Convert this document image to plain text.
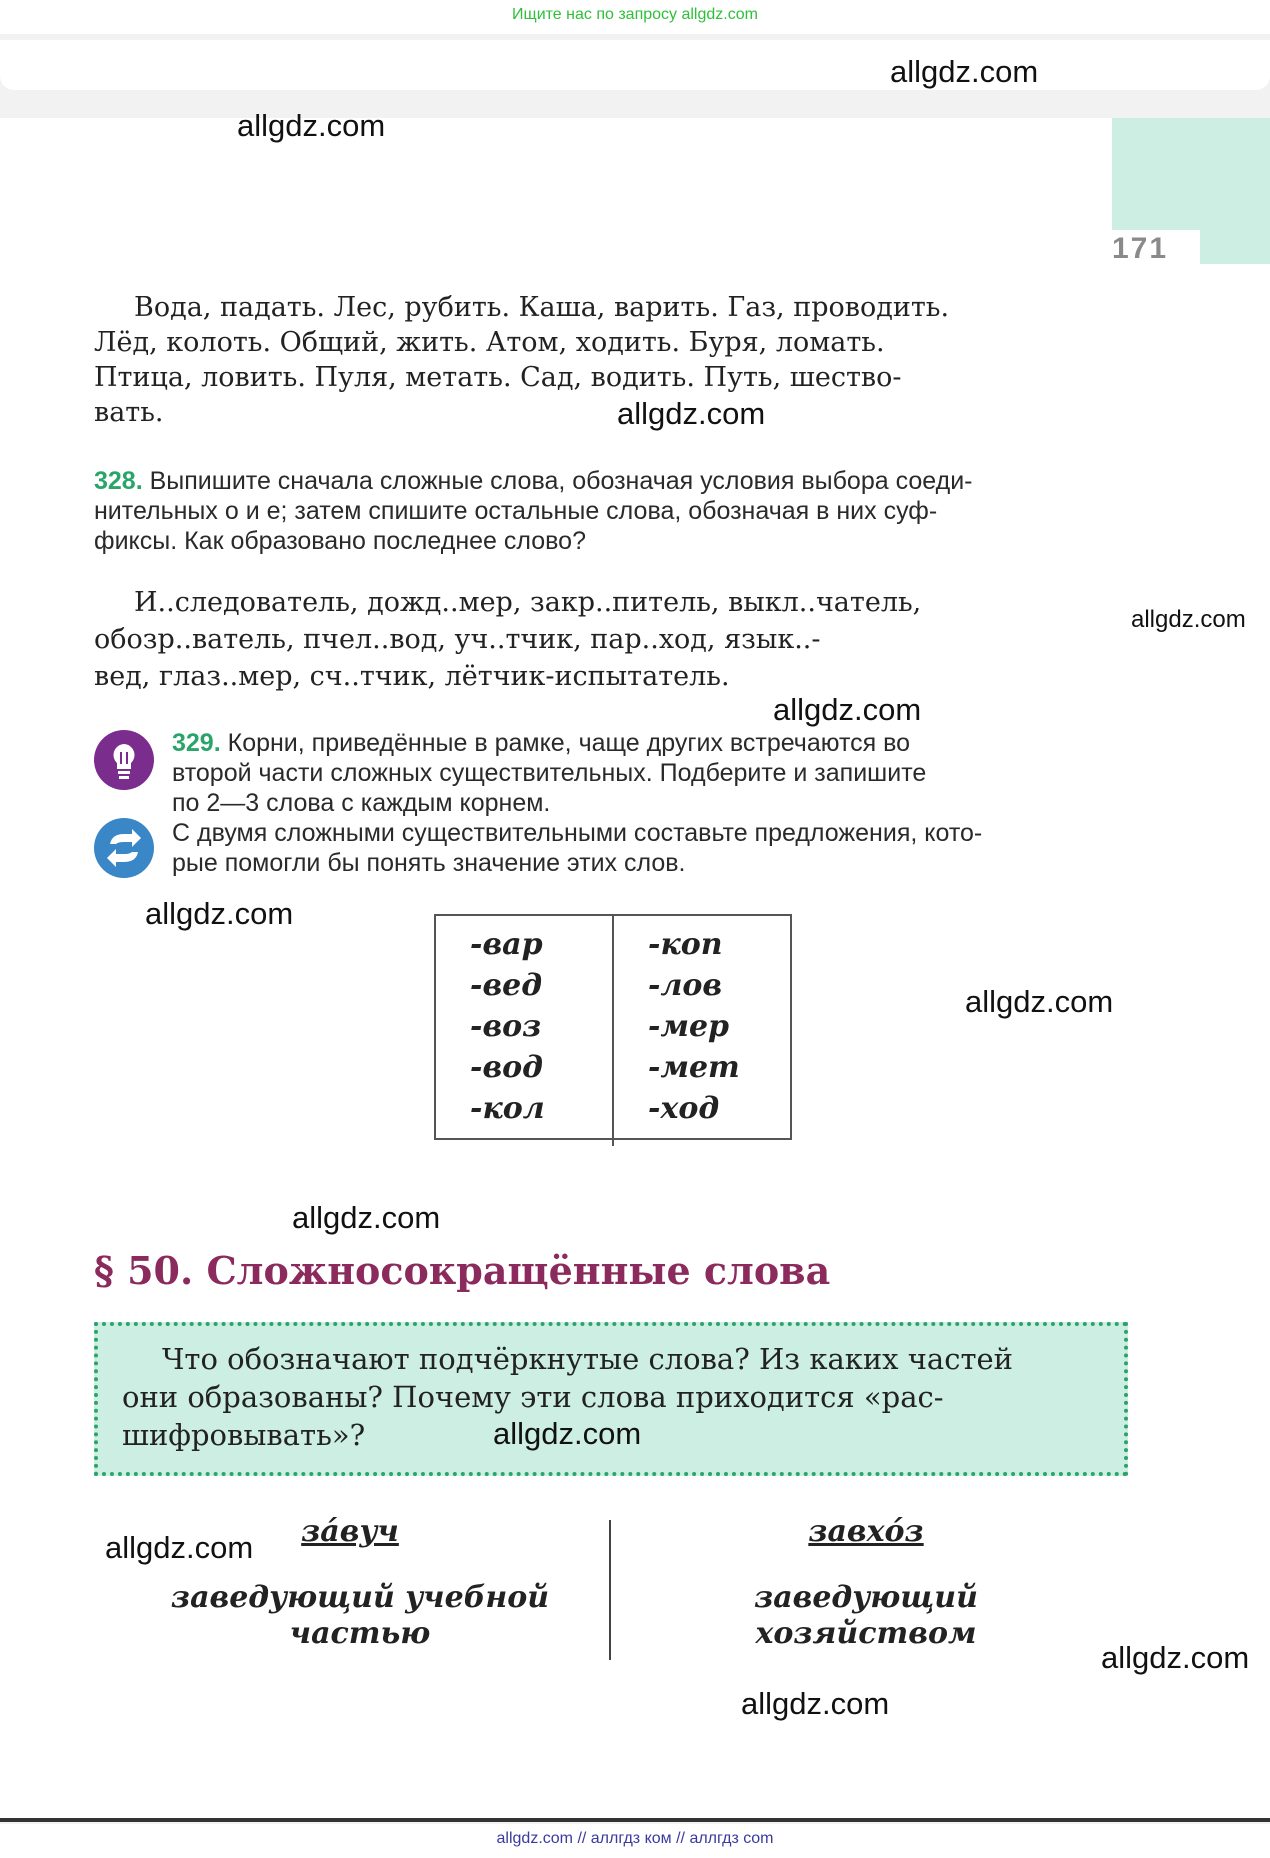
Ищите нас по запросу allgdz.com
171
allgdz.com
allgdz.com
allgdz.com
allgdz.com
allgdz.com
allgdz.com
allgdz.com
allgdz.com
allgdz.com
allgdz.com
allgdz.com
Вода, падать. Лес, рубить. Каша, варить. Газ, проводить.
Лёд, колоть. Общий, жить. Атом, ходить. Буря, ломать.
Птица, ловить. Пуля, метать. Сад, водить. Путь, шество-
вать.
328. Выпишите сначала сложные слова, обозначая условия выбора соеди-
нительных о и е; затем спишите остальные слова, обозначая в них суф-
фиксы. Как образовано последнее слово?
И..следователь, дожд..мер, закр..питель, выкл..чатель,
обозр..ватель, пчел..вод, уч..тчик, пар..ход, язык..-
вед, глаз..мер, сч..тчик, лётчик-испытатель.
329. Корни, приведённые в рамке, чаще других встречаются во
второй части сложных существительных. Подберите и запишите
по 2—3 слова с каждым корнем.
С двумя сложными существительными составьте предложения, кото-
рые помогли бы понять значение этих слов.
-вар
-вед
-воз
-вод
-кол
-коп
-лов
-мер
-мет
-ход
§ 50. Сложносокращённые слова
Что обозначают подчёркнутые слова? Из каких частей
они образованы? Почему эти слова приходится «рас-
шифровывать»?	allgdz.com
зáвуч
заведующий учебной
частью
завхóз
заведующий
хозяйством
allgdz.com // аллгдз ком // аллгдз com
